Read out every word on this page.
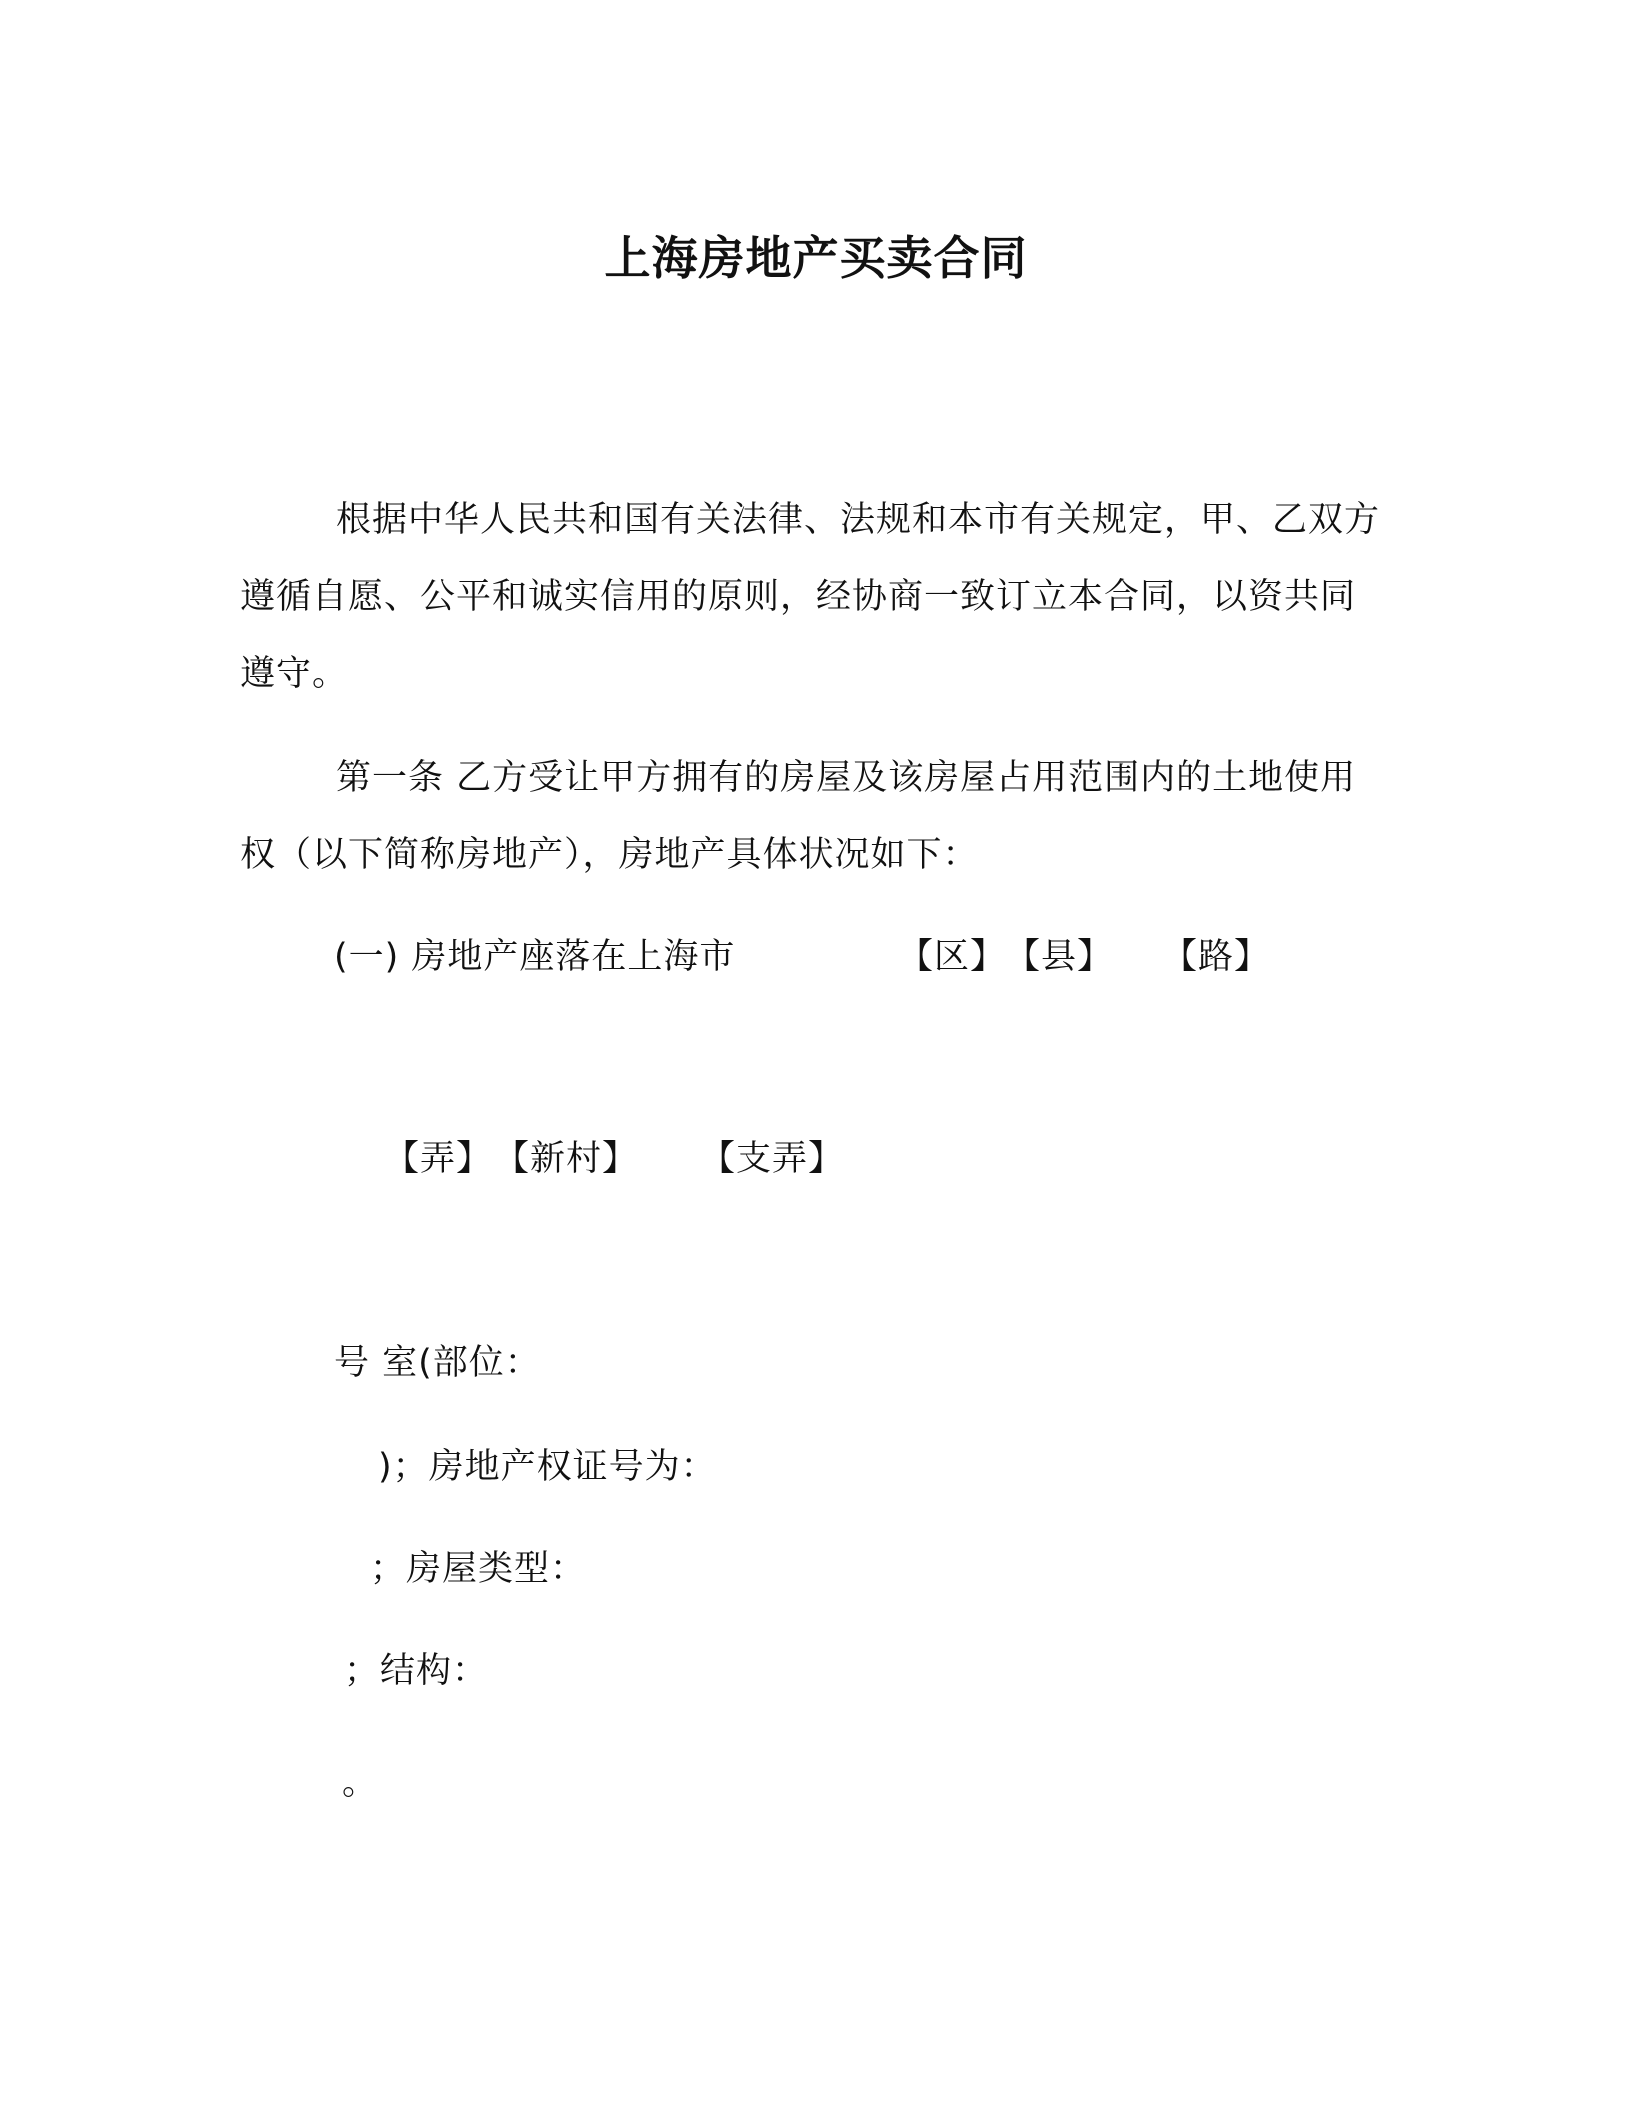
上海房地产买卖合同
根据中华人民共和国有关法律、法规和本市有关规定，甲、乙双方遵循自愿、公平和诚实信用的原则，经协商一致订立本合同，以资共同遵守。
第一条 乙方受让甲方拥有的房屋及该房屋占用范围内的土地使用权（以下简称房地产），房地产具体状况如下：
(一) 房地产座落在上海市	【区】
【县】 【路】
【弄】 【新村】 【支弄】
号 室(部位：
)；房地产权证号为：
；房屋类型：
；结构：
。
